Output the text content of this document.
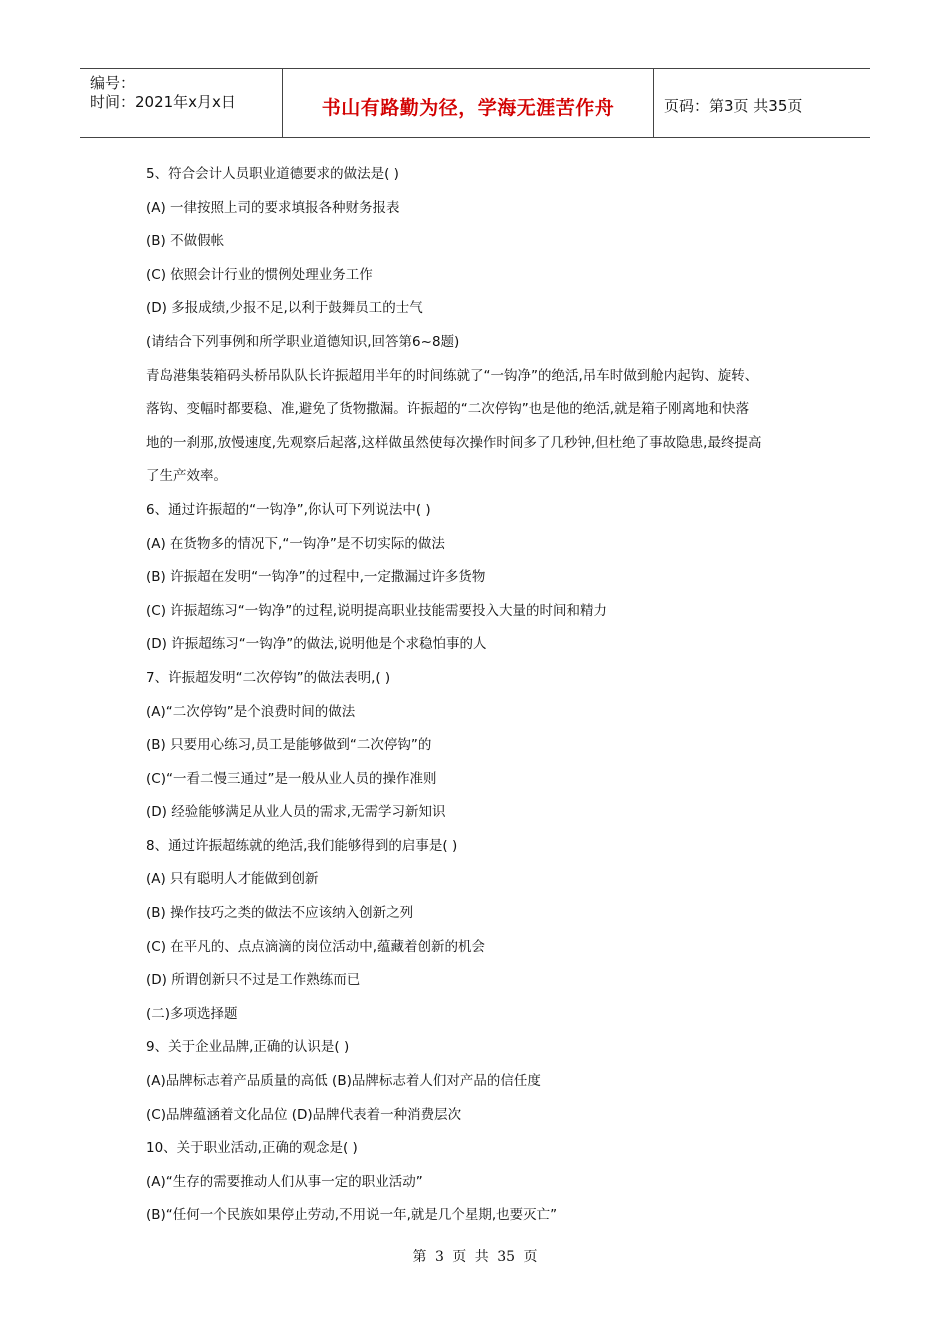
编号：
时间：2021年x月x日	书山有路勤为径，学海无涯苦作舟	页码：第3页 共35页
5、符合会计人员职业道德要求的做法是( )
(A) 一律按照上司的要求填报各种财务报表
(B) 不做假帐
(C) 依照会计行业的惯例处理业务工作
(D) 多报成绩,少报不足,以利于鼓舞员工的士气
(请结合下列事例和所学职业道德知识,回答第6~8题)
青岛港集装箱码头桥吊队队长许振超用半年的时间练就了“一钩净”的绝活,吊车时做到舱内起钩、旋转、
落钩、变幅时都要稳、准,避免了货物撒漏。许振超的“二次停钩”也是他的绝活,就是箱子刚离地和快落
地的一刹那,放慢速度,先观察后起落,这样做虽然使每次操作时间多了几秒钟,但杜绝了事故隐患,最终提高
了生产效率。
6、通过许振超的“一钩净”,你认可下列说法中( )
(A) 在货物多的情况下,“一钩净”是不切实际的做法
(B) 许振超在发明“一钩净”的过程中,一定撒漏过许多货物
(C) 许振超练习“一钩净”的过程,说明提高职业技能需要投入大量的时间和精力
(D) 许振超练习“一钩净”的做法,说明他是个求稳怕事的人
7、许振超发明“二次停钩”的做法表明,( )
(A)“二次停钩”是个浪费时间的做法
(B) 只要用心练习,员工是能够做到“二次停钩”的
(C)“一看二慢三通过”是一般从业人员的操作准则
(D) 经验能够满足从业人员的需求,无需学习新知识
8、通过许振超练就的绝活,我们能够得到的启事是( )
(A) 只有聪明人才能做到创新
(B) 操作技巧之类的做法不应该纳入创新之列
(C) 在平凡的、点点滴滴的岗位活动中,蕴藏着创新的机会
(D) 所谓创新只不过是工作熟练而已
(二)多项选择题
9、关于企业品牌,正确的认识是( )
(A)品牌标志着产品质量的高低 (B)品牌标志着人们对产品的信任度
(C)品牌蕴涵着文化品位 (D)品牌代表着一种消费层次
10、关于职业活动,正确的观念是( )
(A)“生存的需要推动人们从事一定的职业活动”
(B)“任何一个民族如果停止劳动,不用说一年,就是几个星期,也要灭亡”
第 3 页 共 35 页
